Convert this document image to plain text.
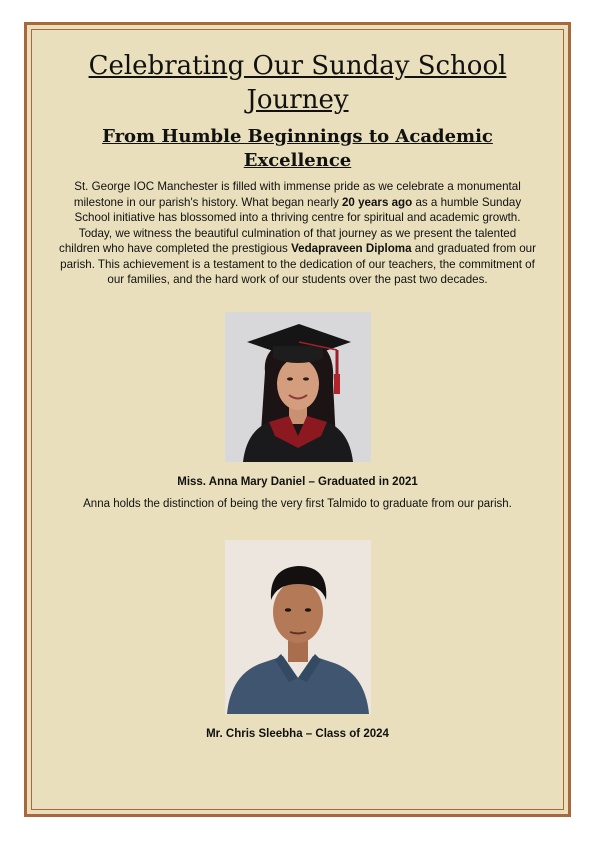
Celebrating Our Sunday School Journey
From Humble Beginnings to Academic Excellence

St. George IOC Manchester is filled with immense pride as we celebrate a monumental milestone in our parish's history. What began nearly 20 years ago as a humble Sunday School initiative has blossomed into a thriving centre for spiritual and academic growth. Today, we witness the beautiful culmination of that journey as we present the talented children who have completed the prestigious Vedapraveen Diploma and graduated from our parish. This achievement is a testament to the dedication of our teachers, the commitment of our families, and the hard work of our students over the past two decades.

Miss. Anna Mary Daniel – Graduated in 2021
Anna holds the distinction of being the very first Talmido to graduate from our parish.
Mr. Chris Sleebha – Class of 2024
